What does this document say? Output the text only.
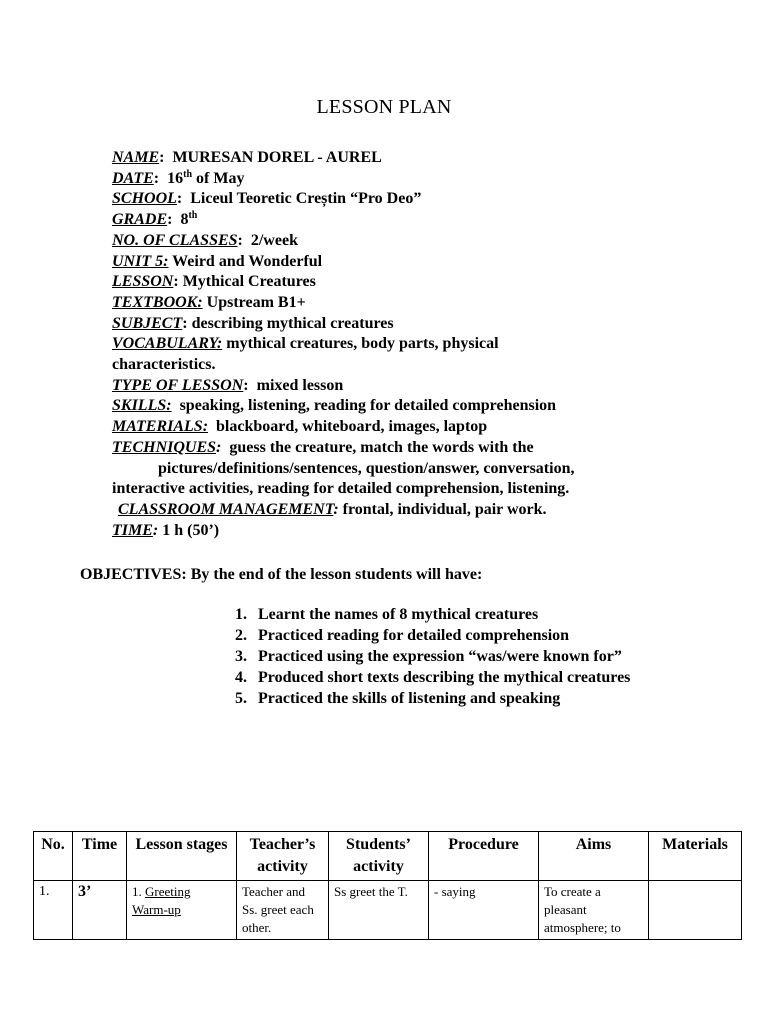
LESSON PLAN
NAME:  MURESAN DOREL - AUREL
DATE:  16th of May
SCHOOL:  Liceul Teoretic Creștin “Pro Deo”
GRADE:  8th
NO. OF CLASSES:  2/week
UNIT 5: Weird and Wonderful
LESSON: Mythical Creatures
TEXTBOOK: Upstream B1+
SUBJECT: describing mythical creatures
VOCABULARY: mythical creatures, body parts, physical characteristics.
TYPE OF LESSON:  mixed lesson
SKILLS: speaking, listening, reading for detailed comprehension
MATERIALS: blackboard, whiteboard, images, laptop
TECHNIQUES: guess the creature, match the words with the
pictures/definitions/sentences, question/answer, conversation,
interactive activities, reading for detailed comprehension, listening.
CLASSROOM MANAGEMENT: frontal, individual, pair work.
TIME: 1 h (50’)
OBJECTIVES: By the end of the lesson students will have:
1. Learnt the names of 8 mythical creatures
2. Practiced reading for detailed comprehension
3. Practiced using the expression “was/were known for”
4. Produced short texts describing the mythical creatures
5. Practiced the skills of listening and speaking
No.	Time	Lesson stages	Teacher’s activity	Students’ activity	Procedure	Aims	Materials
1.	3’	1. Greeting
Warm-up	Teacher and Ss. greet each other.	Ss greet the T.	- saying	To create a pleasant atmosphere; to	
